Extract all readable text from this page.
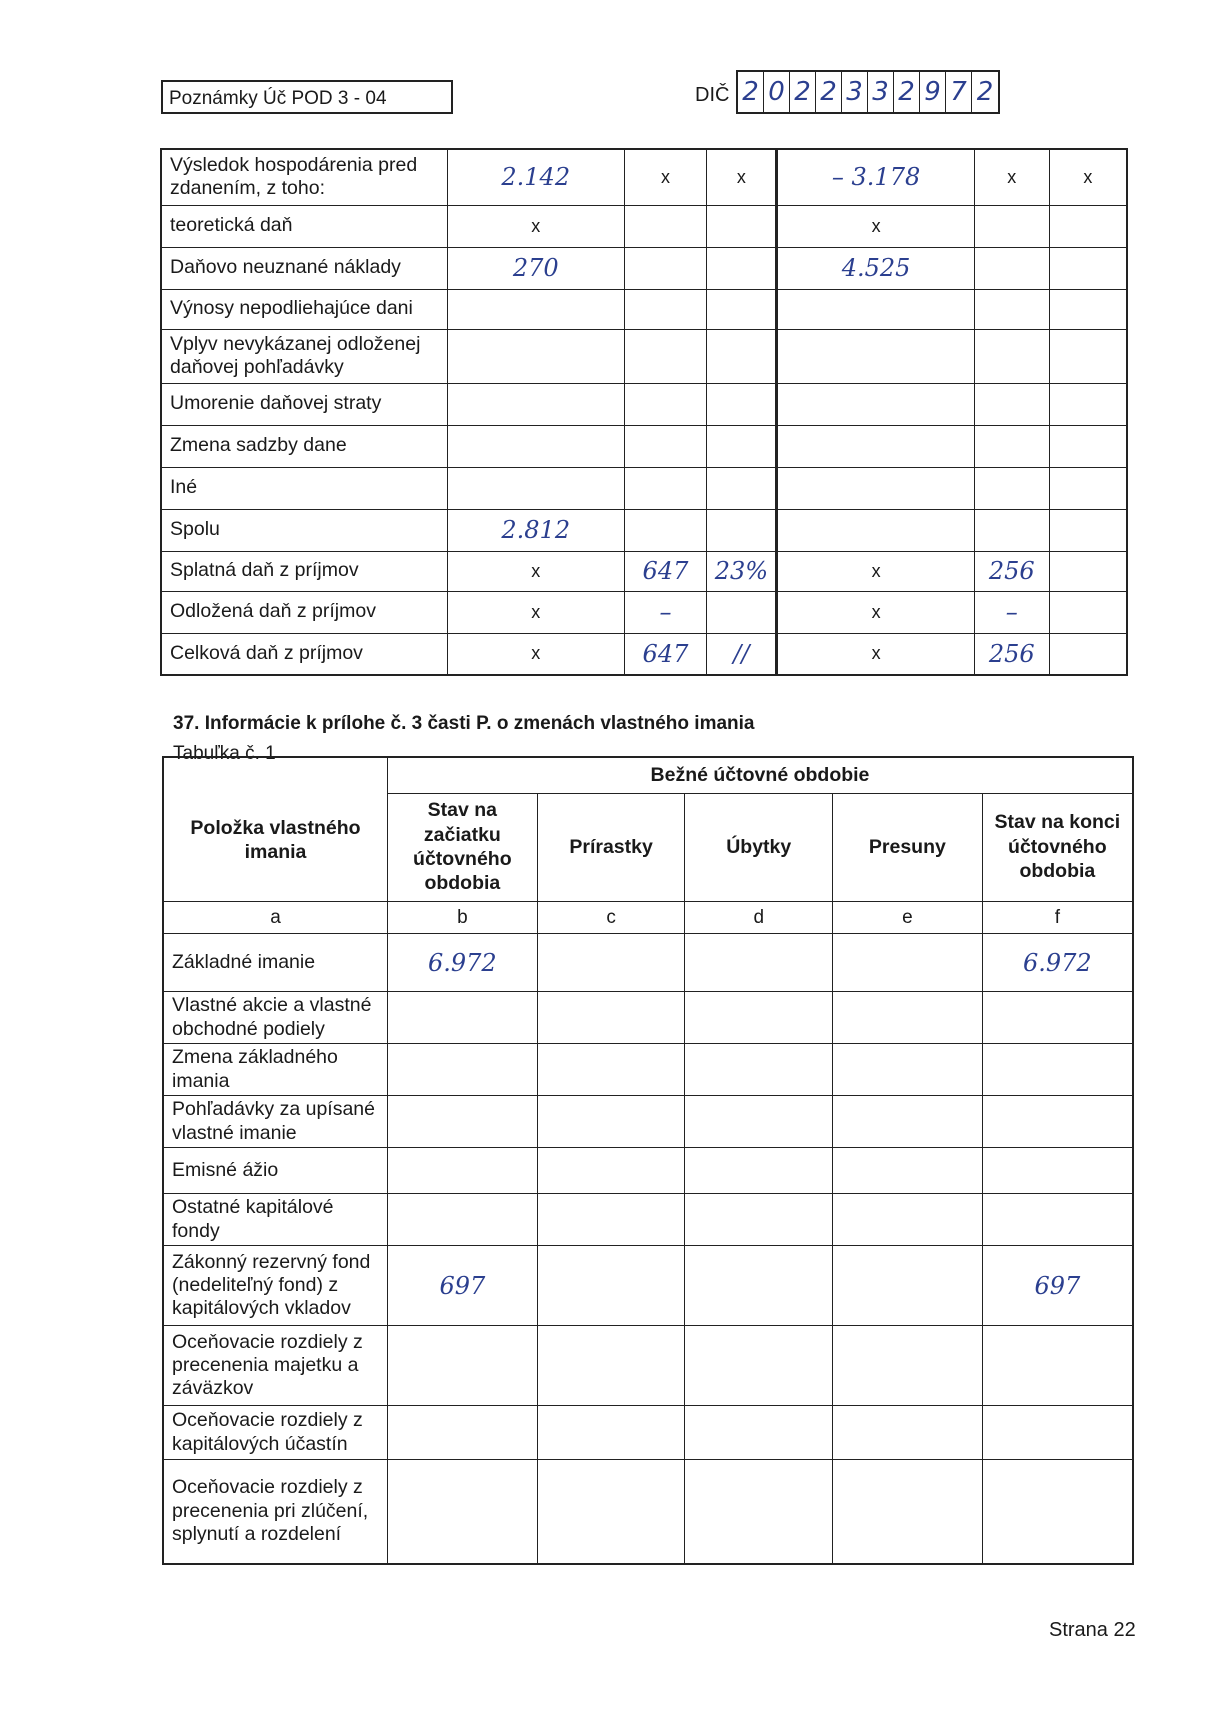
Poznámky Úč POD 3 - 04	DIČ 2 0 2 2 3 3 2 9 7 2
Výsledok hospodárenia pred zdanením, z toho:	2.142	x	x	– 3.178	x	x
teoretická daň	x			x		
Daňovo neuznané náklady	270			4.525		
Výnosy nepodliehajúce dani						
Vplyv nevykázanej odloženej daňovej pohľadávky						
Umorenie daňovej straty						
Zmena sadzby dane						
Iné						
Spolu	2.812					
Splatná daň z príjmov	x	647	23%	x	256	
Odložená daň z príjmov	x	–		x	–	
Celková daň z príjmov	x	647	//	x	256	
37. Informácie k prílohe č. 3 časti P. o zmenách vlastného imania
Tabuľka č. 1
Položka vlastného imania	Bežné účtovné obdobie				
	Stav na začiatku účtovného obdobia	Prírastky	Úbytky	Presuny	Stav na konci účtovného obdobia
a	b	c	d	e	f
Základné imanie	6.972				6.972
Vlastné akcie a vlastné obchodné podiely					
Zmena základného imania					
Pohľadávky za upísané vlastné imanie					
Emisné ážio					
Ostatné kapitálové fondy					
Zákonný rezervný fond (nedeliteľný fond) z kapitálových vkladov	697				697
Oceňovacie rozdiely z precenenia majetku a záväzkov					
Oceňovacie rozdiely z kapitálových účastín					
Oceňovacie rozdiely z precenenia pri zlúčení, splynutí a rozdelení					
Strana 22
